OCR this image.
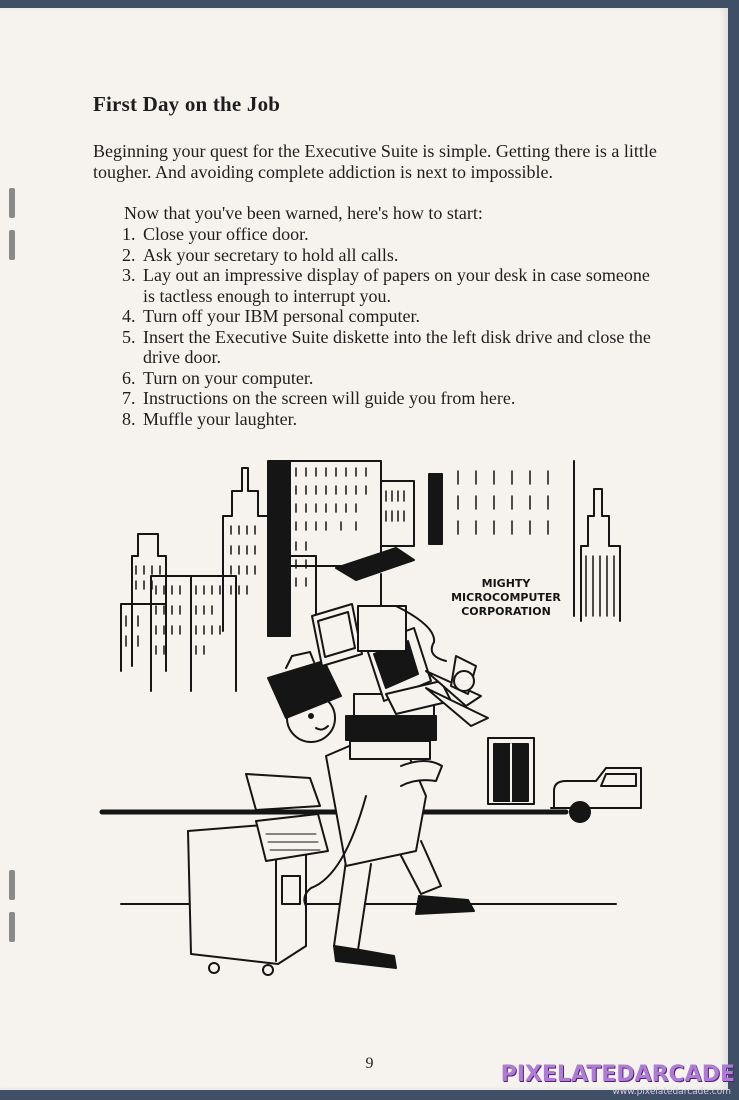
First Day on the Job

Beginning your quest for the Executive Suite is simple. Getting there is a little tougher. And avoiding complete addiction is next to impossible.

Now that you've been warned, here's how to start:

1. Close your office door.
2. Ask your secretary to hold all calls.
3. Lay out an impressive display of papers on your desk in case someone is tactless enough to interrupt you.
4. Turn off your IBM personal computer.
5. Insert the Executive Suite diskette into the left disk drive and close the drive door.
6. Turn on your computer.
7. Instructions on the screen will guide you from here.
8. Muffle your laughter.
MIGHTY
MICROCOMPUTER
CORPORATION
9	PIXELATEDARCADE
www.pixelatedarcade.com
